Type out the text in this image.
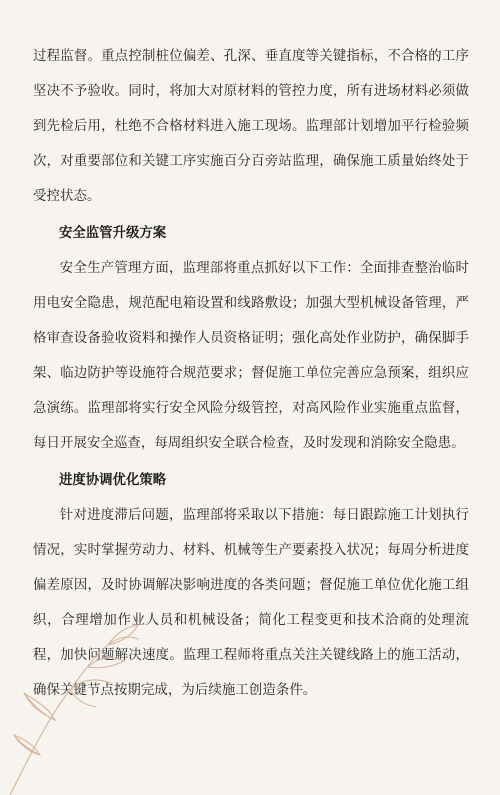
过程监督。重点控制桩位偏差、孔深、垂直度等关键指标，不合格的工序坚决不予验收。同时，将加大对原材料的管控力度，所有进场材料必须做到先检后用，杜绝不合格材料进入施工现场。监理部计划增加平行检验频次，对重要部位和关键工序实施百分百旁站监理，确保施工质量始终处于受控状态。

安全监管升级方案

安全生产管理方面，监理部将重点抓好以下工作：全面排查整治临时用电安全隐患，规范配电箱设置和线路敷设；加强大型机械设备管理，严格审查设备验收资料和操作人员资格证明；强化高处作业防护，确保脚手架、临边防护等设施符合规范要求；督促施工单位完善应急预案，组织应急演练。监理部将实行安全风险分级管控，对高风险作业实施重点监督，每日开展安全巡查，每周组织安全联合检查，及时发现和消除安全隐患。

进度协调优化策略

针对进度滞后问题，监理部将采取以下措施：每日跟踪施工计划执行情况，实时掌握劳动力、材料、机械等生产要素投入状况；每周分析进度偏差原因，及时协调解决影响进度的各类问题；督促施工单位优化施工组织，合理增加作业人员和机械设备；简化工程变更和技术洽商的处理流程，加快问题解决速度。监理工程师将重点关注关键线路上的施工活动，确保关键节点按期完成，为后续施工创造条件。
